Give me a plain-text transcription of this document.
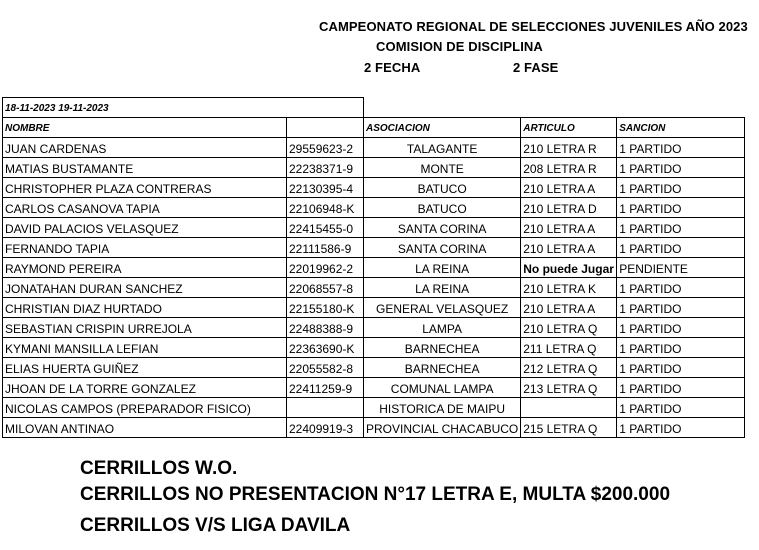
CAMPEONATO REGIONAL DE SELECCIONES JUVENILES AÑO 2023
COMISION DE DISCIPLINA
2 FECHA	2 FASE
18-11-2023 19-11-2023				
NOMBRE		ASOCIACION	ARTICULO	SANCION
JUAN CARDENAS	29559623-2	TALAGANTE	210 LETRA R	1 PARTIDO
MATIAS BUSTAMANTE	22238371-9	MONTE	208 LETRA R	1 PARTIDO
CHRISTOPHER PLAZA CONTRERAS	22130395-4	BATUCO	210 LETRA A	1 PARTIDO
CARLOS CASANOVA TAPIA	22106948-K	BATUCO	210 LETRA D	1 PARTIDO
DAVID PALACIOS VELASQUEZ	22415455-0	SANTA CORINA	210 LETRA A	1 PARTIDO
FERNANDO TAPIA	22111586-9	SANTA CORINA	210 LETRA A	1 PARTIDO
RAYMOND PEREIRA	22019962-2	LA REINA	No puede Jugar	PENDIENTE
JONATAHAN DURAN SANCHEZ	22068557-8	LA REINA	210 LETRA K	1 PARTIDO
CHRISTIAN DIAZ HURTADO	22155180-K	GENERAL VELASQUEZ	210 LETRA A	1 PARTIDO
SEBASTIAN CRISPIN URREJOLA	22488388-9	LAMPA	210 LETRA Q	1 PARTIDO
KYMANI MANSILLA LEFIAN	22363690-K	BARNECHEA	211 LETRA Q	1 PARTIDO
ELIAS HUERTA GUIÑEZ	22055582-8	BARNECHEA	212 LETRA Q	1 PARTIDO
JHOAN DE LA TORRE GONZALEZ	22411259-9	COMUNAL LAMPA	213 LETRA Q	1 PARTIDO
NICOLAS CAMPOS (PREPARADOR FISICO)		HISTORICA DE MAIPU		1 PARTIDO
MILOVAN ANTINAO	22409919-3	PROVINCIAL CHACABUCO	215 LETRA Q	1 PARTIDO
CERRILLOS W.O.
CERRILLOS NO PRESENTACION N°17 LETRA E, MULTA $200.000
CERRILLOS V/S LIGA DAVILA
